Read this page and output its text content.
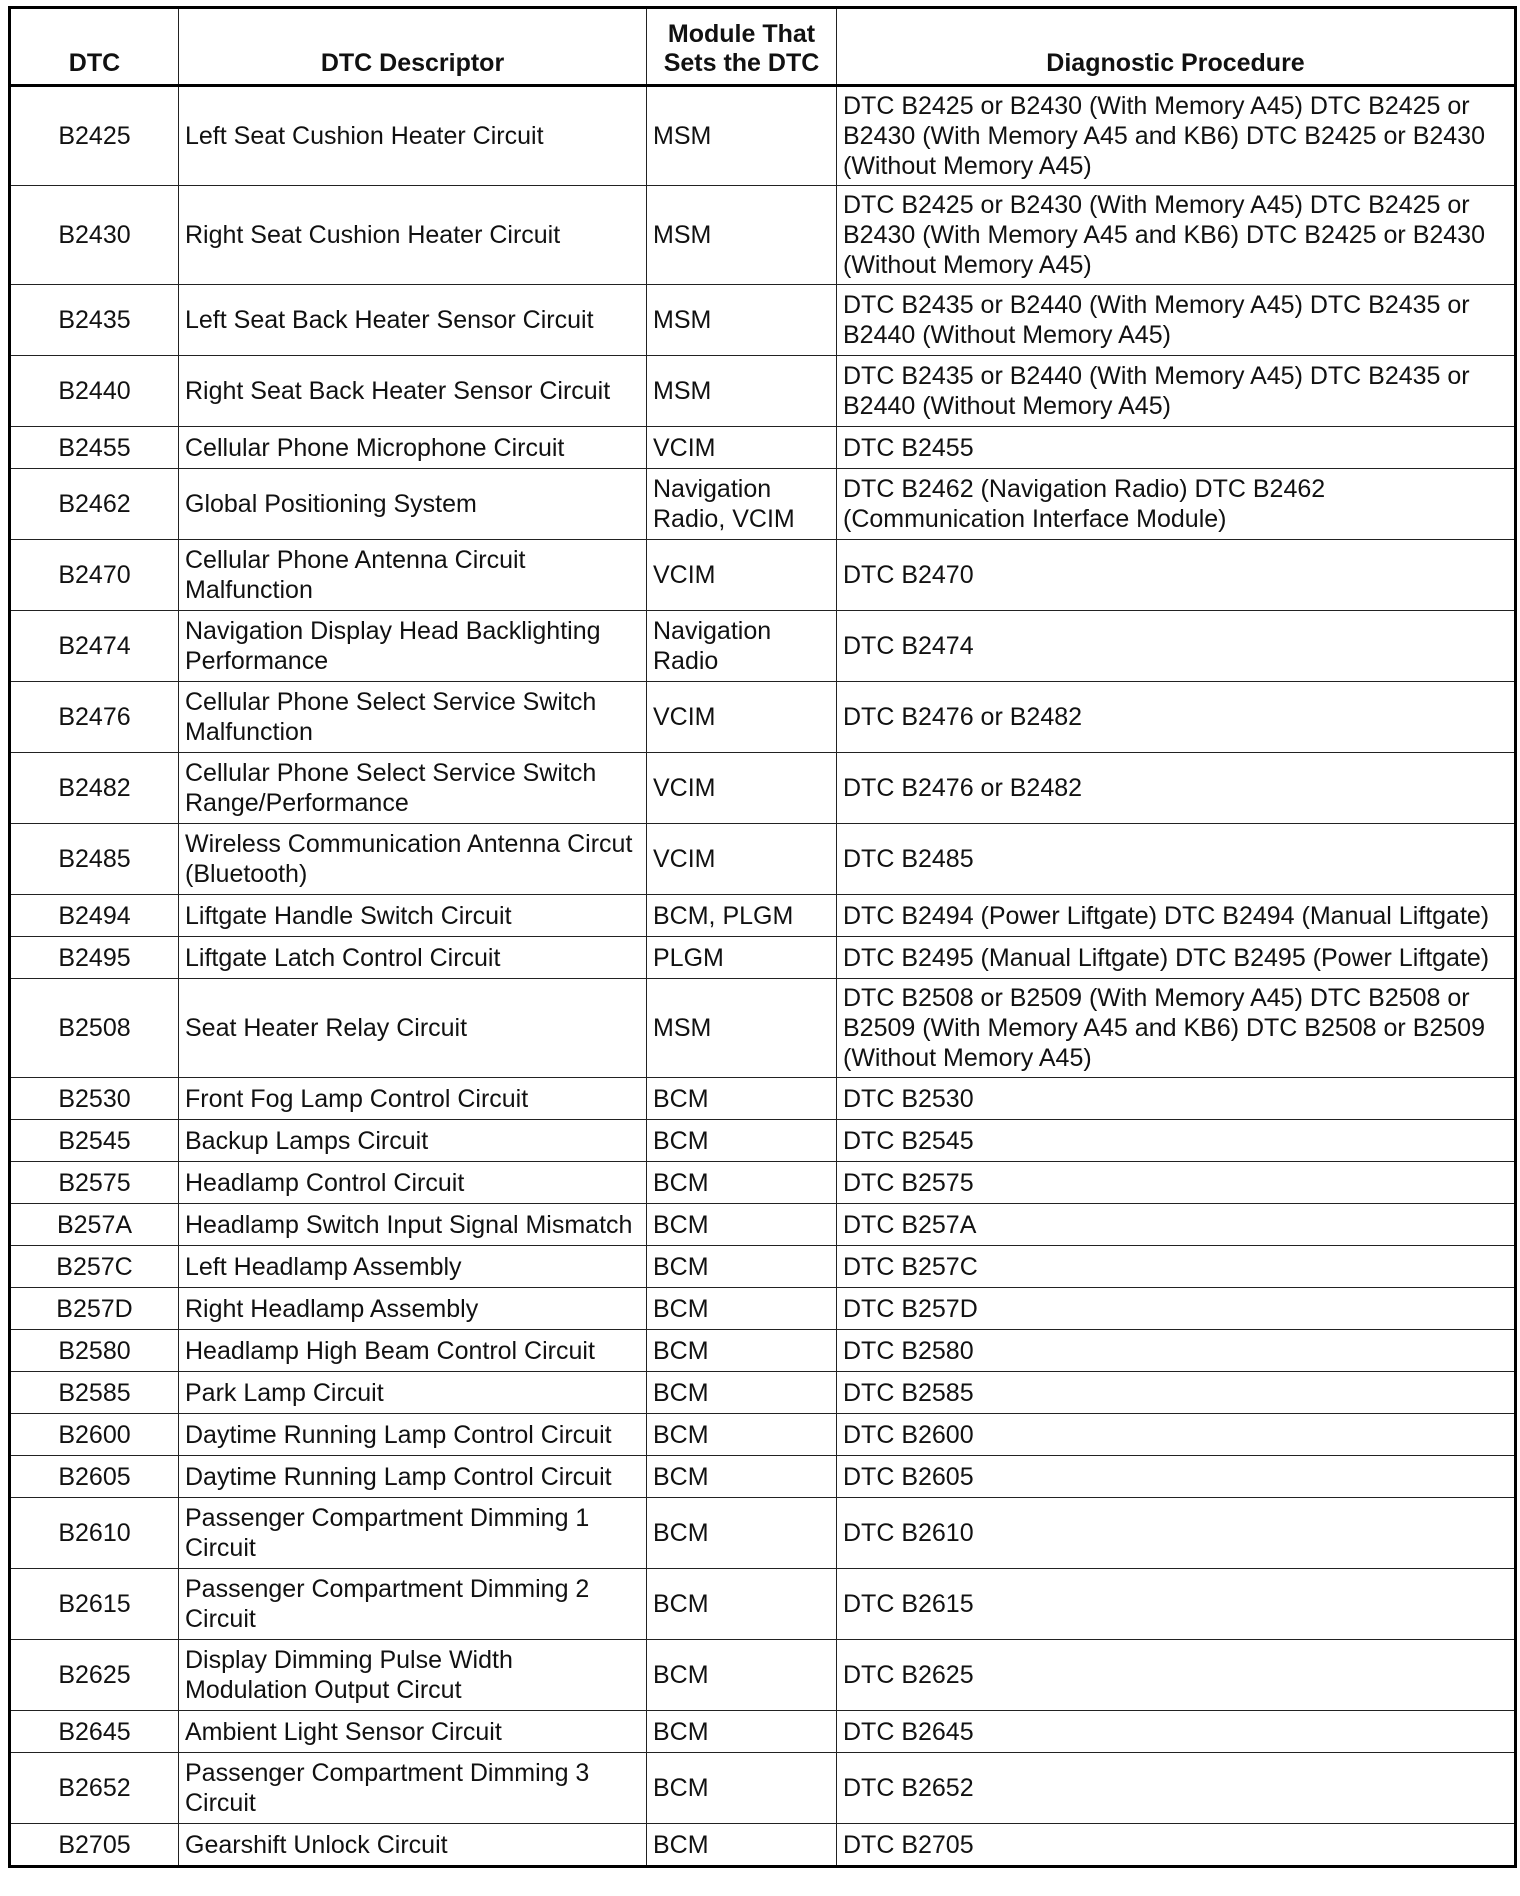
DTC	DTC Descriptor	Module That Sets the DTC	Diagnostic Procedure
B2425	Left Seat Cushion Heater Circuit	MSM	DTC B2425 or B2430 (With Memory A45) DTC B2425 or B2430 (With Memory A45 and KB6) DTC B2425 or B2430 (Without Memory A45)
B2430	Right Seat Cushion Heater Circuit	MSM	DTC B2425 or B2430 (With Memory A45) DTC B2425 or B2430 (With Memory A45 and KB6) DTC B2425 or B2430 (Without Memory A45)
B2435	Left Seat Back Heater Sensor Circuit	MSM	DTC B2435 or B2440 (With Memory A45) DTC B2435 or B2440 (Without Memory A45)
B2440	Right Seat Back Heater Sensor Circuit	MSM	DTC B2435 or B2440 (With Memory A45) DTC B2435 or B2440 (Without Memory A45)
B2455	Cellular Phone Microphone Circuit	VCIM	DTC B2455
B2462	Global Positioning System	Navigation Radio, VCIM	DTC B2462 (Navigation Radio) DTC B2462 (Communication Interface Module)
B2470	Cellular Phone Antenna Circuit Malfunction	VCIM	DTC B2470
B2474	Navigation Display Head Backlighting Performance	Navigation Radio	DTC B2474
B2476	Cellular Phone Select Service Switch Malfunction	VCIM	DTC B2476 or B2482
B2482	Cellular Phone Select Service Switch Range/Performance	VCIM	DTC B2476 or B2482
B2485	Wireless Communication Antenna Circut (Bluetooth)	VCIM	DTC B2485
B2494	Liftgate Handle Switch Circuit	BCM, PLGM	DTC B2494 (Power Liftgate) DTC B2494 (Manual Liftgate)
B2495	Liftgate Latch Control Circuit	PLGM	DTC B2495 (Manual Liftgate) DTC B2495 (Power Liftgate)
B2508	Seat Heater Relay Circuit	MSM	DTC B2508 or B2509 (With Memory A45) DTC B2508 or B2509 (With Memory A45 and KB6) DTC B2508 or B2509 (Without Memory A45)
B2530	Front Fog Lamp Control Circuit	BCM	DTC B2530
B2545	Backup Lamps Circuit	BCM	DTC B2545
B2575	Headlamp Control Circuit	BCM	DTC B2575
B257A	Headlamp Switch Input Signal Mismatch	BCM	DTC B257A
B257C	Left Headlamp Assembly	BCM	DTC B257C
B257D	Right Headlamp Assembly	BCM	DTC B257D
B2580	Headlamp High Beam Control Circuit	BCM	DTC B2580
B2585	Park Lamp Circuit	BCM	DTC B2585
B2600	Daytime Running Lamp Control Circuit	BCM	DTC B2600
B2605	Daytime Running Lamp Control Circuit	BCM	DTC B2605
B2610	Passenger Compartment Dimming 1 Circuit	BCM	DTC B2610
B2615	Passenger Compartment Dimming 2 Circuit	BCM	DTC B2615
B2625	Display Dimming Pulse Width Modulation Output Circut	BCM	DTC B2625
B2645	Ambient Light Sensor Circuit	BCM	DTC B2645
B2652	Passenger Compartment Dimming 3 Circuit	BCM	DTC B2652
B2705	Gearshift Unlock Circuit	BCM	DTC B2705
